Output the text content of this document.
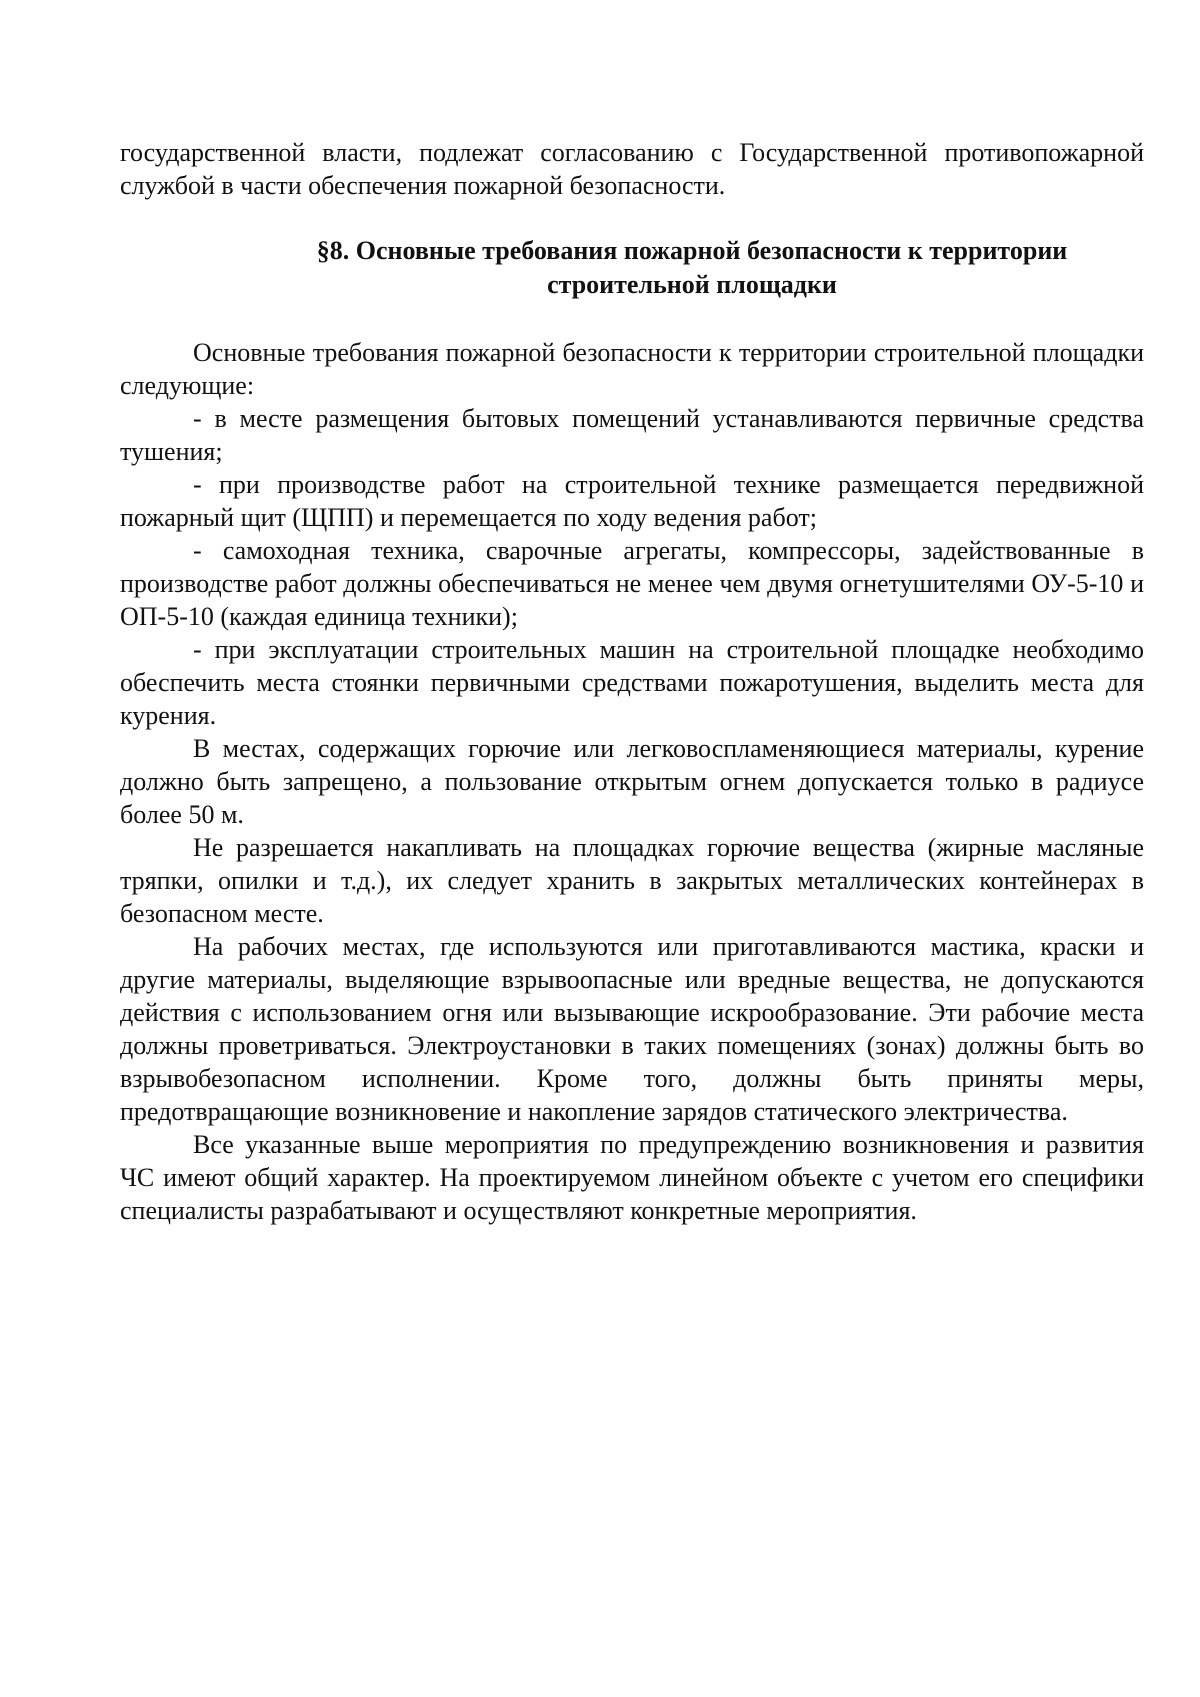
государственной власти, подлежат согласованию с Государственной противопожарной службой в части обеспечения пожарной безопасности.

§8. Основные требования пожарной безопасности к территории
строительной площадки

Основные требования пожарной безопасности к территории строительной площадки следующие:

- в месте размещения бытовых помещений устанавливаются первичные средства тушения;

- при производстве работ на строительной технике размещается передвижной пожарный щит (ЩПП) и перемещается по ходу ведения работ;

- самоходная техника, сварочные агрегаты, компрессоры, задействованные в производстве работ должны обеспечиваться не менее чем двумя огнетушителями ОУ-5-10 и ОП-5-10 (каждая единица техники);

- при эксплуатации строительных машин на строительной площадке необходимо обеспечить места стоянки первичными средствами пожаротушения, выделить места для курения.

В местах, содержащих горючие или легковоспламеняющиеся материалы, курение должно быть запрещено, а пользование открытым огнем допускается только в радиусе более 50 м.

Не разрешается накапливать на площадках горючие вещества (жирные масляные тряпки, опилки и т.д.), их следует хранить в закрытых металлических контейнерах в безопасном месте.

На рабочих местах, где используются или приготавливаются мастика, краски и другие материалы, выделяющие взрывоопасные или вредные вещества, не допускаются действия с использованием огня или вызывающие искрообразование. Эти рабочие места должны проветриваться. Электроустановки в таких помещениях (зонах) должны быть во взрывобезопасном исполнении. Кроме того, должны быть приняты меры, предотвращающие возникновение и накопление зарядов статического электричества.

Все указанные выше мероприятия по предупреждению возникновения и развития ЧС имеют общий характер. На проектируемом линейном объекте с учетом его специфики специалисты разрабатывают и осуществляют конкретные мероприятия.
